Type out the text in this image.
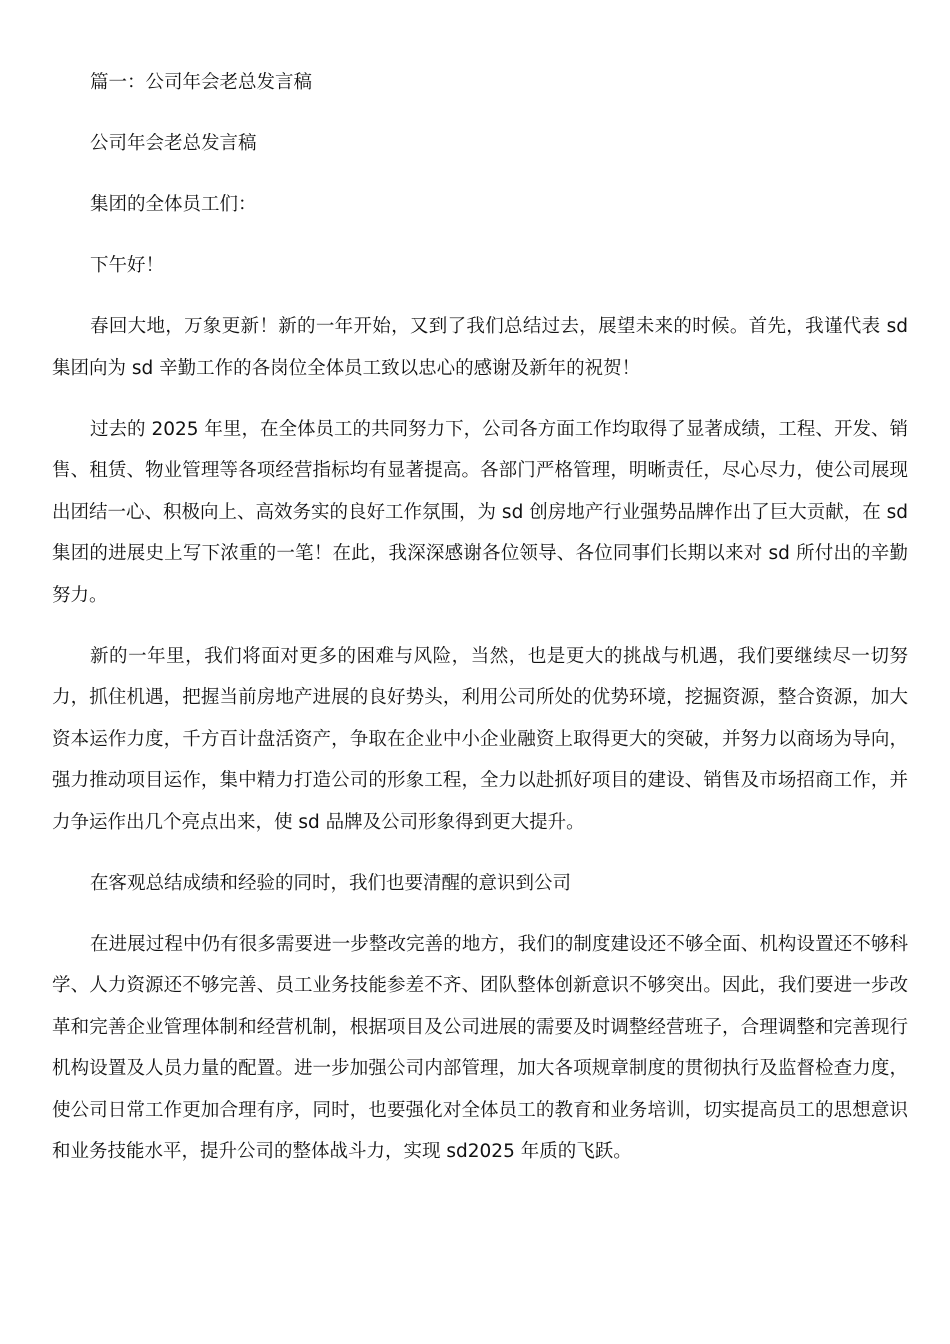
篇一：公司年会老总发言稿

公司年会老总发言稿

集团的全体员工们：

下午好！

春回大地，万象更新！新的一年开始，又到了我们总结过去，展望未来的时候。首先，我谨代表 sd 集团向为 sd 辛勤工作的各岗位全体员工致以忠心的感谢及新年的祝贺！

过去的 2025 年里，在全体员工的共同努力下，公司各方面工作均取得了显著成绩，工程、开发、销售、租赁、物业管理等各项经营指标均有显著提高。各部门严格管理，明晰责任，尽心尽力，使公司展现出团结一心、积极向上、高效务实的良好工作氛围，为 sd 创房地产行业强势品牌作出了巨大贡献，在 sd 集团的进展史上写下浓重的一笔！在此，我深深感谢各位领导、各位同事们长期以来对 sd 所付出的辛勤努力。

新的一年里，我们将面对更多的困难与风险，当然，也是更大的挑战与机遇，我们要继续尽一切努力，抓住机遇，把握当前房地产进展的良好势头，利用公司所处的优势环境，挖掘资源，整合资源，加大资本运作力度，千方百计盘活资产，争取在企业中小企业融资上取得更大的突破，并努力以商场为导向，强力推动项目运作，集中精力打造公司的形象工程，全力以赴抓好项目的建设、销售及市场招商工作，并力争运作出几个亮点出来，使 sd 品牌及公司形象得到更大提升。

在客观总结成绩和经验的同时，我们也要清醒的意识到公司

在进展过程中仍有很多需要进一步整改完善的地方，我们的制度建设还不够全面、机构设置还不够科学、人力资源还不够完善、员工业务技能参差不齐、团队整体创新意识不够突出。因此，我们要进一步改革和完善企业管理体制和经营机制，根据项目及公司进展的需要及时调整经营班子，合理调整和完善现行机构设置及人员力量的配置。进一步加强公司内部管理，加大各项规章制度的贯彻执行及监督检查力度，使公司日常工作更加合理有序，同时，也要强化对全体员工的教育和业务培训，切实提高员工的思想意识和业务技能水平，提升公司的整体战斗力，实现 sd2025 年质的飞跃。
